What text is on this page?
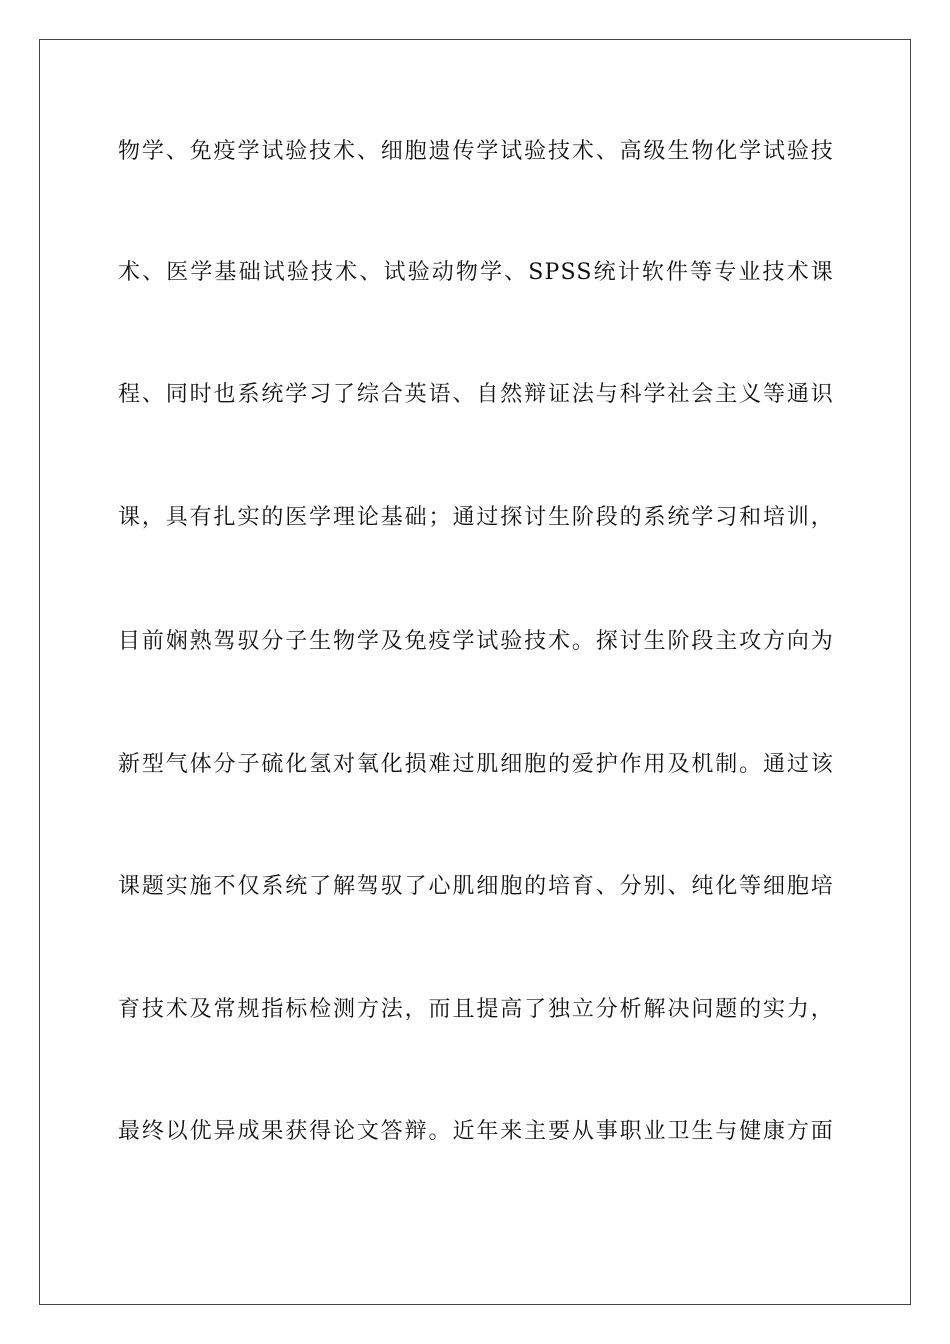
物学、免疫学试验技术、细胞遗传学试验技术、高级生物化学试验技
术、医学基础试验技术、试验动物学、SPSS统计软件等专业技术课
程、同时也系统学习了综合英语、自然辩证法与科学社会主义等通识
课，具有扎实的医学理论基础；通过探讨生阶段的系统学习和培训，
目前娴熟驾驭分子生物学及免疫学试验技术。探讨生阶段主攻方向为
新型气体分子硫化氢对氧化损难过肌细胞的爱护作用及机制。通过该
课题实施不仅系统了解驾驭了心肌细胞的培育、分别、纯化等细胞培
育技术及常规指标检测方法，而且提高了独立分析解决问题的实力，
最终以优异成果获得论文答辩。近年来主要从事职业卫生与健康方面
